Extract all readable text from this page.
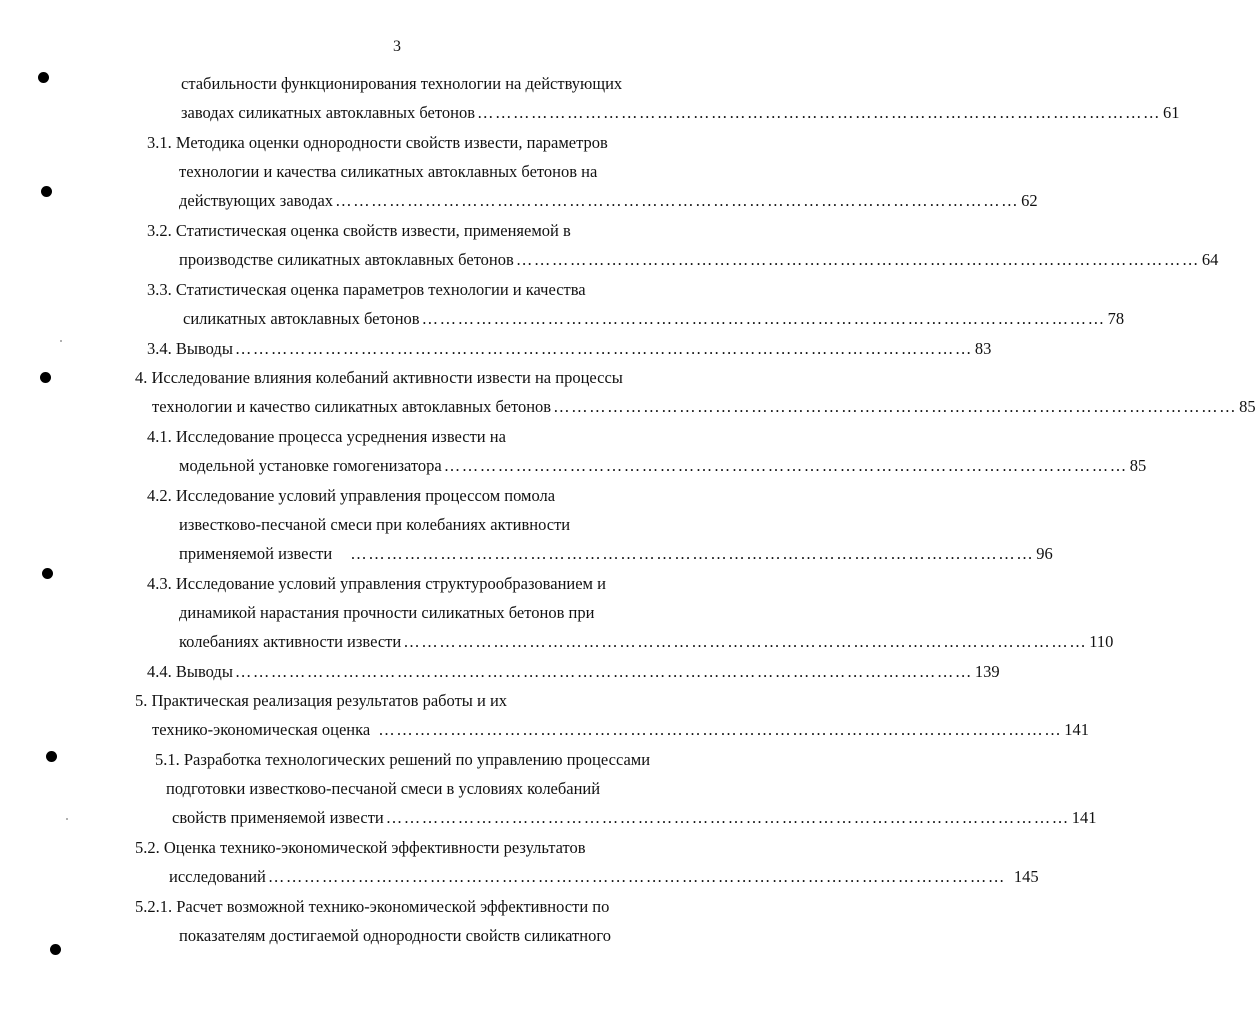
3
стабильности функционирования технологии на действующих
заводах силикатных автоклавных бетонов …………………………………………………………………………………………………… 61
3.1. Методика оценки однородности свойств извести, параметров
технологии и качества силикатных автоклавных бетонов на
действующих заводах …………………………………………………………………………………………………… 62
3.2. Статистическая оценка свойств извести, применяемой в
производстве силикатных автоклавных бетонов …………………………………………………………………………………………………… 64
3.3. Статистическая оценка параметров технологии и качества
силикатных автоклавных бетонов …………………………………………………………………………………………………… 78
3.4. Выводы …………………………………………………………………………………………………………… 83
4. Исследование влияния колебаний активности извести на процессы
технологии и качество силикатных автоклавных бетонов …………………………………………………………………………………………………… 85
4.1. Исследование процесса усреднения извести на
модельной установке гомогенизатора …………………………………………………………………………………………………… 85
4.2. Исследование условий управления процессом помола
известково-песчаной смеси при колебаниях активности
применяемой извести …………………………………………………………………………………………………… 96
4.3. Исследование условий управления структурообразованием и
динамикой нарастания прочности силикатных бетонов при
колебаниях активности извести …………………………………………………………………………………………………… 110
4.4. Выводы …………………………………………………………………………………………………………… 139
5. Практическая реализация результатов работы и их
технико-экономическая оценка …………………………………………………………………………………………………… 141
5.1. Разработка технологических решений по управлению процессами
подготовки известково-песчаной смеси в условиях колебаний
свойств применяемой извести …………………………………………………………………………………………………… 141
5.2. Оценка технико-экономической эффективности результатов
исследований …………………………………………………………………………………………………………… 145
5.2.1. Расчет возможной технико-экономической эффективности по
показателям достигаемой однородности свойств силикатного
